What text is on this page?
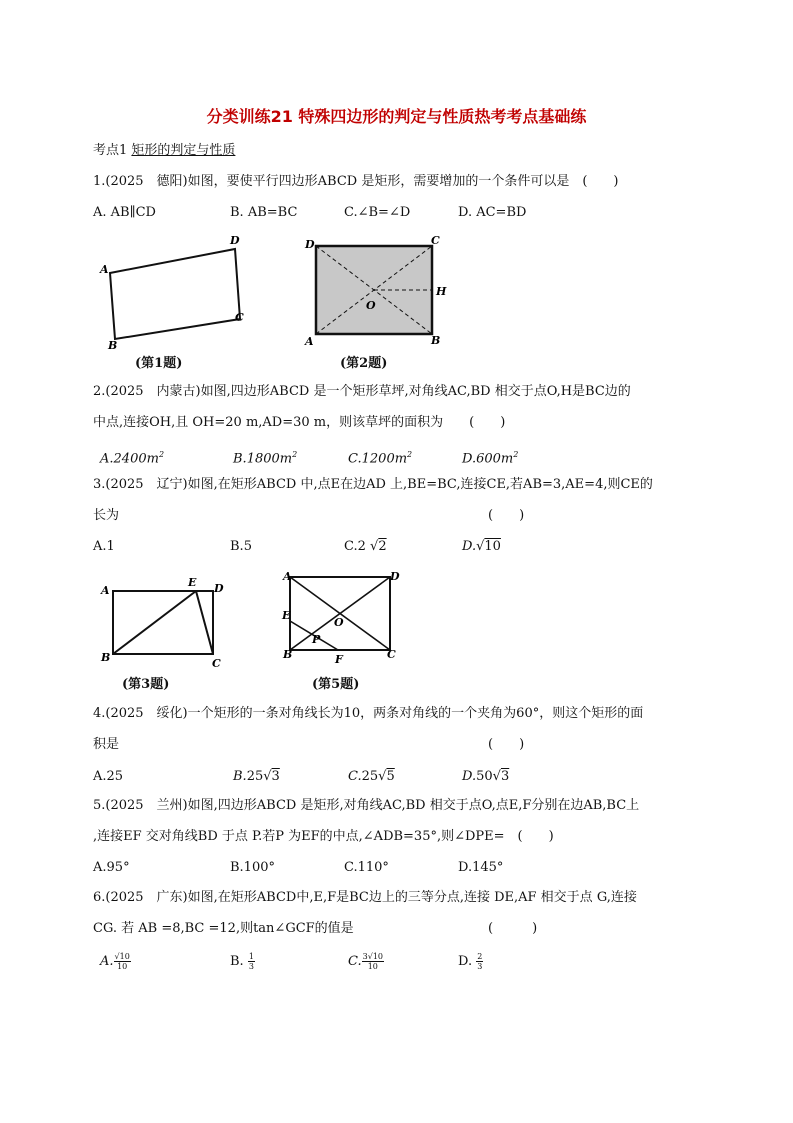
分类训练21 特殊四边形的判定与性质热考考点基础练
考点1 矩形的判定与性质
1.(2025　德阳)如图，要使平行四边形ABCD 是矩形，需要增加的一个条件可以是　(　　)
A. AB∥CD	B. AB=BC	C.∠B=∠D	D. AC=BD
A
B
C
D
(第1题)
D	C
H
O
A	B
(第2题)
2.(2025　内蒙古)如图,四边形ABCD 是一个矩形草坪,对角线AC,BD 相交于点O,H是BC边的
中点,连接OH,且 OH=20 m,AD=30 m，则该草坪的面积为　　(　　)
$A.2400m^2$	$B.1800m^2$	$C.1200m^2$	$D.600m^2$
3.(2025　辽宁)如图,在矩形ABCD 中,点E在边AD 上,BE=BC,连接CE,若AB=3,AE=4,则CE的
长为	(　　)
A.1	B.5	C.2 √2	D.√10
A
E D
B	C
(第3题)
A	D
E
O
P
B	F	C
(第5题)
4.(2025　绥化)一个矩形的一条对角线长为10，两条对角线的一个夹角为60°，则这个矩形的面
积是	(　　)
A.25	B.25√3	C.25√5	D.50√3
5.(2025　兰州)如图,四边形ABCD 是矩形,对角线AC,BD 相交于点O,点E,F分别在边AB,BC上
,连接EF 交对角线BD 于点 P.若P 为EF的中点,∠ADB=35°,则∠DPE=　(　　)
A.95°	B.100°	C.110°	D.145°
6.(2025　广东)如图,在矩形ABCD中,E,F是BC边上的三等分点,连接 DE,AF 相交于点 G,连接
CG. 若 AB =8,BC =12,则tan∠GCF的值是	(　　　)
A. $\frac{√10}{10}$	B. $\frac{1}{3}$	C. $\frac{3√10}{10}$	D. $\frac{2}{3}$
